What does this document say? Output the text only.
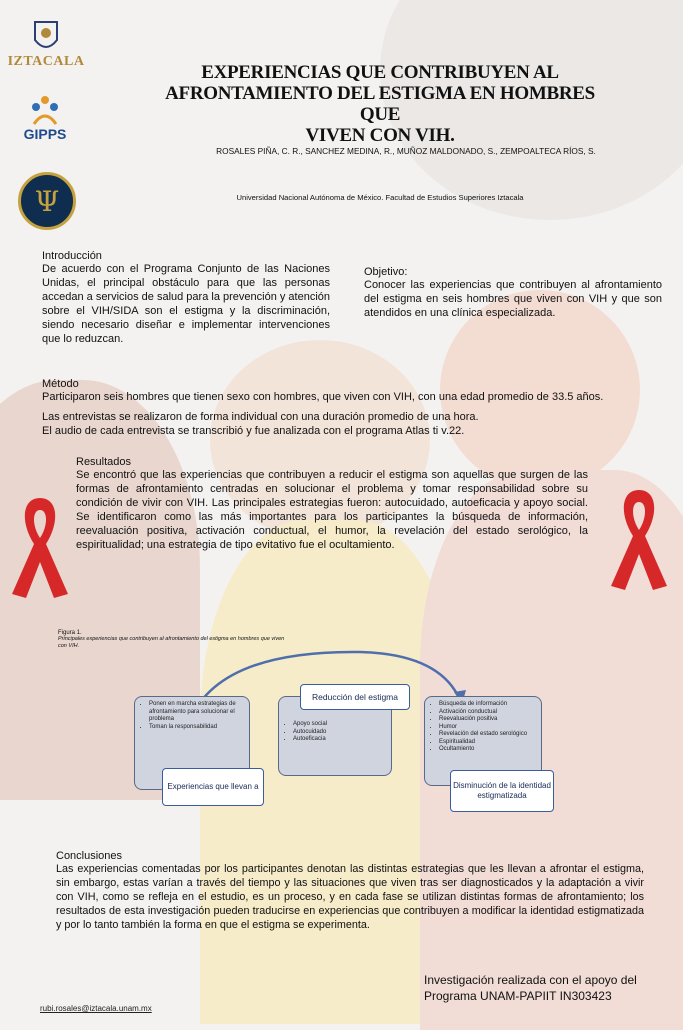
IZTACALA
GIPPS
Ψ
EXPERIENCIAS QUE CONTRIBUYEN AL
AFRONTAMIENTO DEL ESTIGMA EN HOMBRES QUE
VIVEN CON VIH.
ROSALES PIÑA, C. R., SANCHEZ MEDINA, R., MUÑOZ MALDONADO, S., ZEMPOALTECA RÍOS, S.
Universidad Nacional Autónoma de México. Facultad de Estudios Superiores Iztacala
Introducción
De acuerdo con el Programa Conjunto de las Naciones Unidas, el principal obstáculo para que las personas accedan a servicios de salud para la prevención y atención sobre el VIH/SIDA son el estigma y la discriminación, siendo necesario diseñar e implementar intervenciones que lo reduzcan.
Objetivo:
Conocer las experiencias que contribuyen al afrontamiento del estigma en seis hombres que viven con VIH y que son atendidos en una clínica especializada.
Método
Participaron seis hombres que tienen sexo con hombres, que viven con VIH, con una edad promedio de 33.5 años.
Las entrevistas se realizaron de forma individual con una duración promedio de una hora.
El audio de cada entrevista se transcribió y fue analizada con el programa Atlas ti v.22.
Resultados
Se encontró que las experiencias que contribuyen a reducir el estigma son aquellas que surgen de las formas de afrontamiento centradas en solucionar el problema y tomar responsabilidad sobre su condición de vivir con VIH. Las principales estrategias fueron: autocuidado, autoeficacia y apoyo social. Se identificaron como las más importantes para los participantes la búsqueda de información, reevaluación positiva, activación conductual, el humor, la revelación del estado serológico, la espiritualidad; una estrategia de tipo evitativo fue el ocultamiento.
Figura 1.
Principales experiencias que contribuyen al afrontamiento del estigma en hombres que viven con VIH.
• Ponen en marcha estrategias de afrontamiento para solucionar el problema
• Toman la responsabilidad
Experiencias que llevan a
• Apoyo social
• Autocuidado
• Autoeficacia
Reducción del estigma
• Búsqueda de información
• Activación conductual
• Reevaluación positiva
• Humor
• Revelación del estado serológico
• Espiritualidad
• Ocultamiento
Disminución de la identidad estigmatizada
Conclusiones
Las experiencias comentadas por los participantes denotan las distintas estrategias que les llevan a afrontar el estigma, sin embargo, estas varían a través del tiempo y las situaciones que viven tras ser diagnosticados y la adaptación a vivir con VIH, como se refleja en el estudio, es un proceso, y en cada fase se utilizan distintas formas de afrontamiento; los resultados de esta investigación pueden traducirse en experiencias que contribuyen a modificar la identidad estigmatizada y por lo tanto también la forma en que el estigma se experimenta.
Investigación realizada con el apoyo del
Programa UNAM-PAPIIT IN303423
rubi.rosales@iztacala.unam.mx
